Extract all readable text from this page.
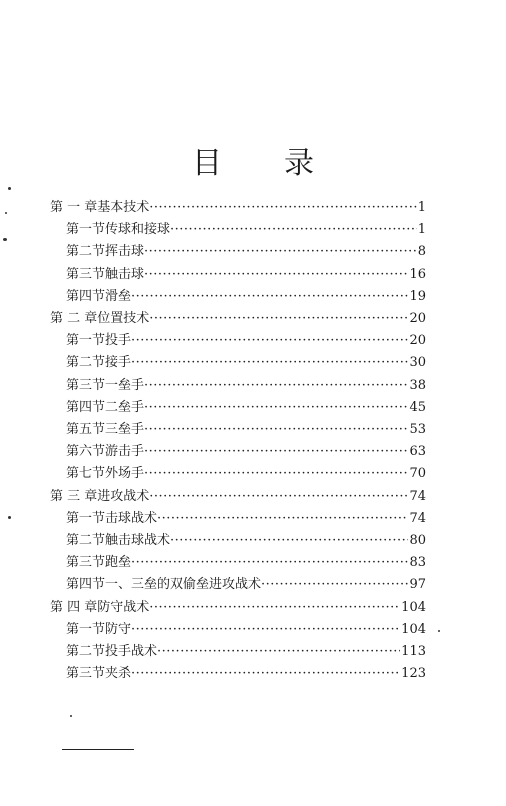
目 录
第 一 章 基本技术 ·····	1
第一节 传球和接球 ·····	1
第二节 挥击球 ·····	8
第三节 触击球 ·····	16
第四节 滑垒 ·····	19
第 二 章 位置技术 ·····	20
第一节 投手 ·····	20
第二节 接手 ·····	30
第三节 一垒手 ·····	38
第四节 二垒手 ·····	45
第五节 三垒手 ·····	53
第六节 游击手 ·····	63
第七节 外场手 ·····	70
第 三 章 进攻战术 ·····	74
第一节 击球战术 ·····	74
第二节 触击球战术 ·····	80
第三节 跑垒 ·····	83
第四节 一、三垒的双偷垒进攻战术 ·····	97
第 四 章 防守战术 ·····	104
第一节 防守 ·····	104
第二节 投手战术 ·····	113
第三节 夹杀 ·····	123
